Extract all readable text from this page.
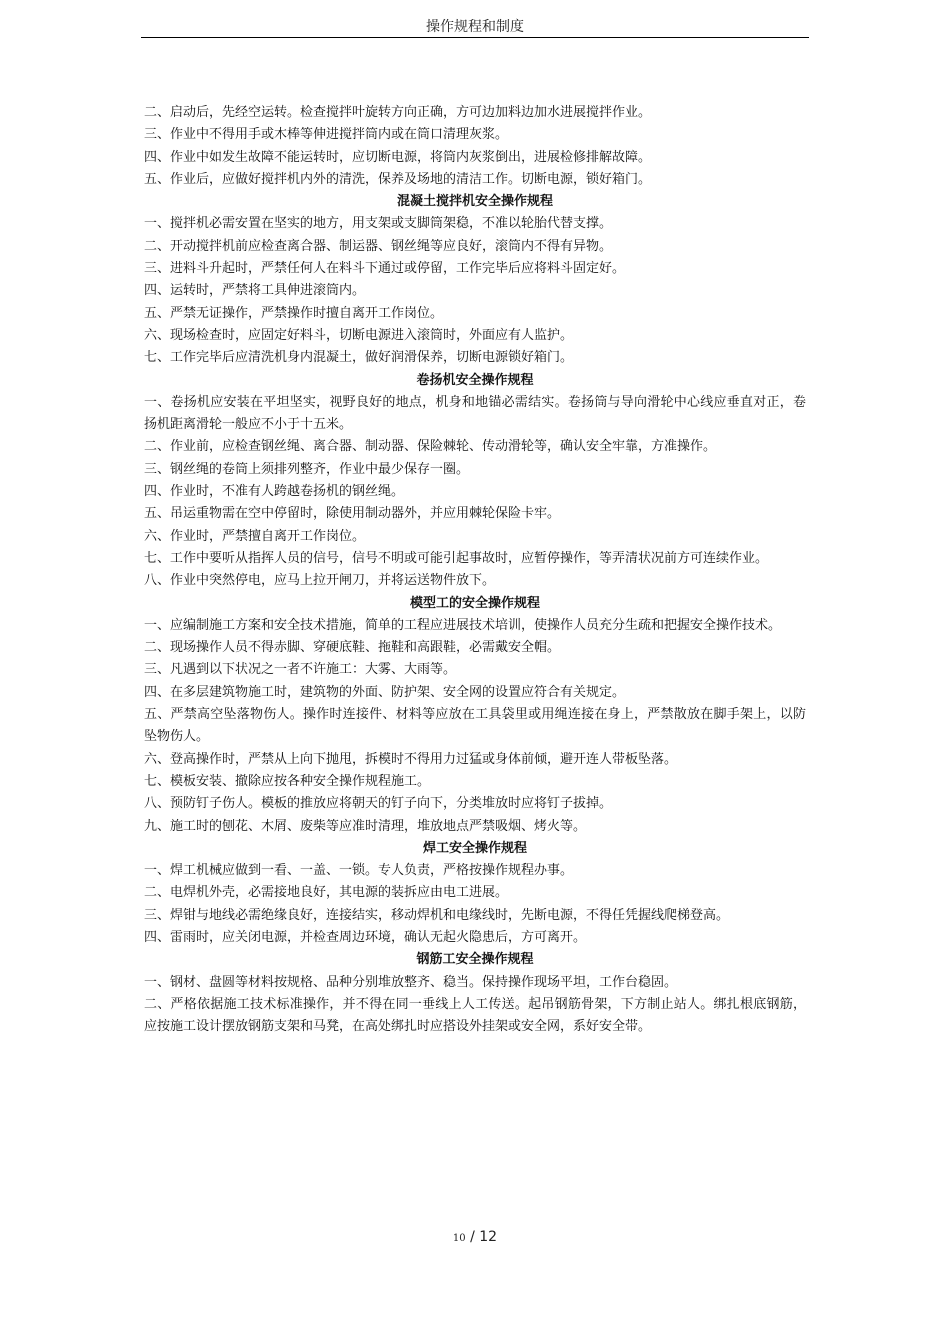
操作规程和制度

二、启动后，先经空运转。检查搅拌叶旋转方向正确，方可边加料边加水进展搅拌作业。

三、作业中不得用手或木棒等伸进搅拌筒内或在筒口清理灰浆。

四、作业中如发生故障不能运转时，应切断电源，将筒内灰浆倒出，进展检修排解故障。

五、作业后，应做好搅拌机内外的清洗，保养及场地的清洁工作。切断电源，锁好箱门。

混凝土搅拌机安全操作规程

一、搅拌机必需安置在坚实的地方，用支架或支脚筒架稳，不准以轮胎代替支撑。

二、开动搅拌机前应检查离合器、制运器、钢丝绳等应良好，滚筒内不得有异物。

三、进料斗升起时，严禁任何人在料斗下通过或停留，工作完毕后应将料斗固定好。

四、运转时，严禁将工具伸进滚筒内。

五、严禁无证操作，严禁操作时擅自离开工作岗位。

六、现场检查时，应固定好料斗，切断电源进入滚筒时，外面应有人监护。

七、工作完毕后应清洗机身内混凝土，做好润滑保养，切断电源锁好箱门。

卷扬机安全操作规程

一、卷扬机应安装在平坦坚实，视野良好的地点，机身和地锚必需结实。卷扬筒与导向滑轮中心线应垂直对正，卷扬机距离滑轮一般应不小于十五米。

二、作业前，应检查钢丝绳、离合器、制动器、保险棘轮、传动滑轮等，确认安全牢靠，方准操作。

三、钢丝绳的卷筒上须排列整齐，作业中最少保存一圈。

四、作业时，不准有人跨越卷扬机的钢丝绳。

五、吊运重物需在空中停留时，除使用制动器外，并应用棘轮保险卡牢。

六、作业时，严禁擅自离开工作岗位。

七、工作中要听从指挥人员的信号，信号不明或可能引起事故时，应暂停操作，等弄清状况前方可连续作业。

八、作业中突然停电，应马上拉开闸刀，并将运送物件放下。

模型工的安全操作规程

一、应编制施工方案和安全技术措施，简单的工程应进展技术培训，使操作人员充分生疏和把握安全操作技术。

二、现场操作人员不得赤脚、穿硬底鞋、拖鞋和高跟鞋，必需戴安全帽。

三、凡遇到以下状况之一者不许施工：大雾、大雨等。

四、在多层建筑物施工时，建筑物的外面、防护架、安全网的设置应符合有关规定。

五、严禁高空坠落物伤人。操作时连接件、材料等应放在工具袋里或用绳连接在身上，严禁散放在脚手架上，以防坠物伤人。

六、登高操作时，严禁从上向下抛甩，拆模时不得用力过猛或身体前倾，避开连人带板坠落。

七、模板安装、撤除应按各种安全操作规程施工。

八、预防钉子伤人。模板的推放应将朝天的钉子向下，分类堆放时应将钉子拔掉。

九、施工时的刨花、木屑、废柴等应准时清理，堆放地点严禁吸烟、烤火等。

焊工安全操作规程

一、焊工机械应做到一看、一盖、一锁。专人负责，严格按操作规程办事。

二、电焊机外壳，必需接地良好，其电源的装拆应由电工进展。

三、焊钳与地线必需绝缘良好，连接结实，移动焊机和电缘线时，先断电源，不得任凭握线爬梯登高。

四、雷雨时，应关闭电源，并检查周边环境，确认无起火隐患后，方可离开。

钢筋工安全操作规程

一、钢材、盘圆等材料按规格、品种分别堆放整齐、稳当。保持操作现场平坦，工作台稳固。

二、严格依据施工技术标准操作，并不得在同一垂线上人工传送。起吊钢筋骨架，下方制止站人。绑扎根底钢筋，应按施工设计摆放钢筋支架和马凳，在高处绑扎时应搭设外挂架或安全网，系好安全带。

10 / 12
